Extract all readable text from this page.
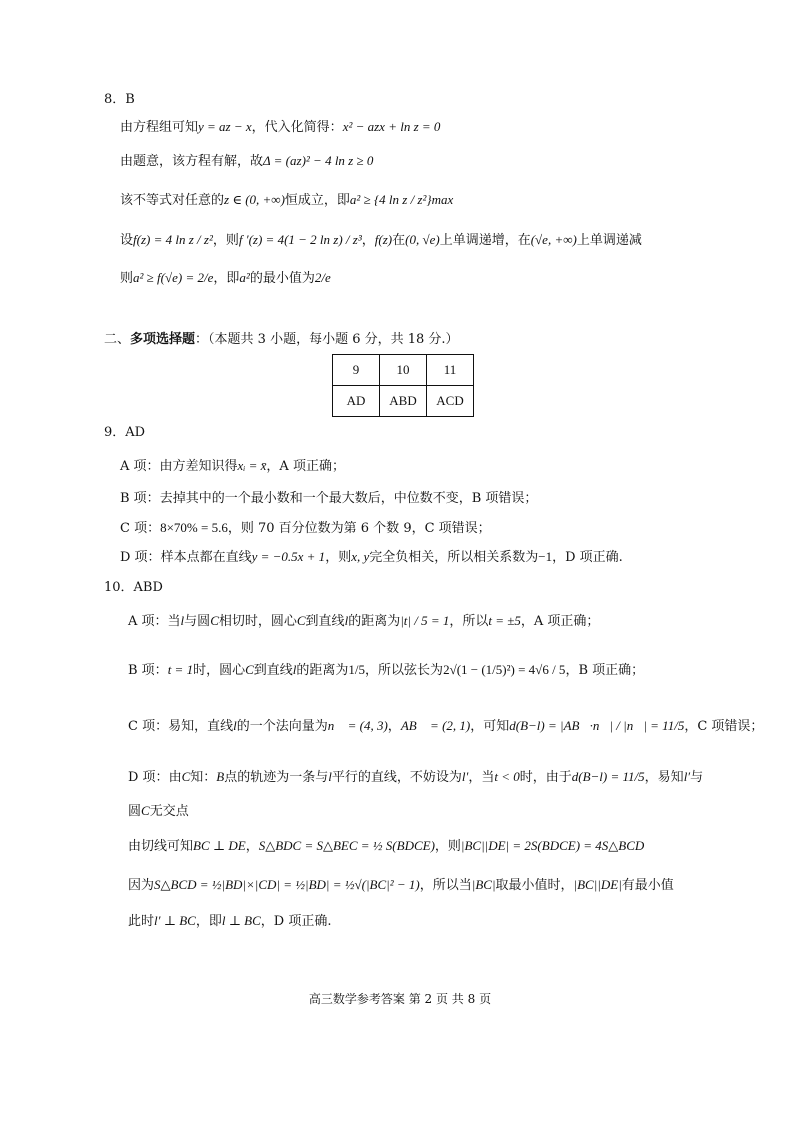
8．B
由方程组可知y = az − x，代入化简得：x² − azx + ln z = 0
由题意，该方程有解，故Δ = (az)² − 4 ln z ≥ 0
该不等式对任意的z ∈ (0, +∞)恒成立，即a² ≥ {4 ln z / z²}max
设f(z) = 4 ln z / z²，则f ′(z) = 4(1 − 2 ln z) / z³，f(z)在(0, √e)上单调递增，在(√e, +∞)上单调递减
则a² ≥ f(√e) = 2/e，即a²的最小值为2/e
二、多项选择题：（本题共 3 小题，每小题 6 分，共 18 分.）
9	10	11
AD	ABD	ACD
9．AD
A 项：由方差知识得xᵢ = x̄，A 项正确；
B 项：去掉其中的一个最小数和一个最大数后，中位数不变，B 项错误；
C 项：8×70% = 5.6，则 70 百分位数为第 6 个数 9，C 项错误；
D 项：样本点都在直线y = −0.5x + 1，则x, y完全负相关，所以相关系数为−1，D 项正确.
10．ABD
A 项：当l与圆C相切时，圆心C到直线l的距离为|t| / 5 = 1，所以t = ±5，A 项正确；
B 项：t = 1时，圆心C到直线l的距离为1/5，所以弦长为2√(1 − (1/5)²) = 4√6 / 5，B 项正确；
C 项：易知，直线l的一个法向量为n⃗ = (4, 3)，AB⃗ = (2, 1)，可知d(B−l) = |AB⃗·n⃗| / |n⃗| = 11/5，C 项错误；
D 项：由C知：B点的轨迹为一条与l平行的直线，不妨设为l′，当t < 0时，由于d(B−l) = 11/5，易知l′与
圆C无交点
由切线可知BC ⊥ DE，S△BDC = S△BEC = ½ S(BDCE)，则|BC||DE| = 2S(BDCE) = 4S△BCD
因为S△BCD = ½|BD|×|CD| = ½|BD| = ½√(|BC|² − 1)，所以当|BC|取最小值时，|BC||DE|有最小值
此时l′ ⊥ BC，即l ⊥ BC，D 项正确.
高三数学参考答案 第 2 页 共 8 页
